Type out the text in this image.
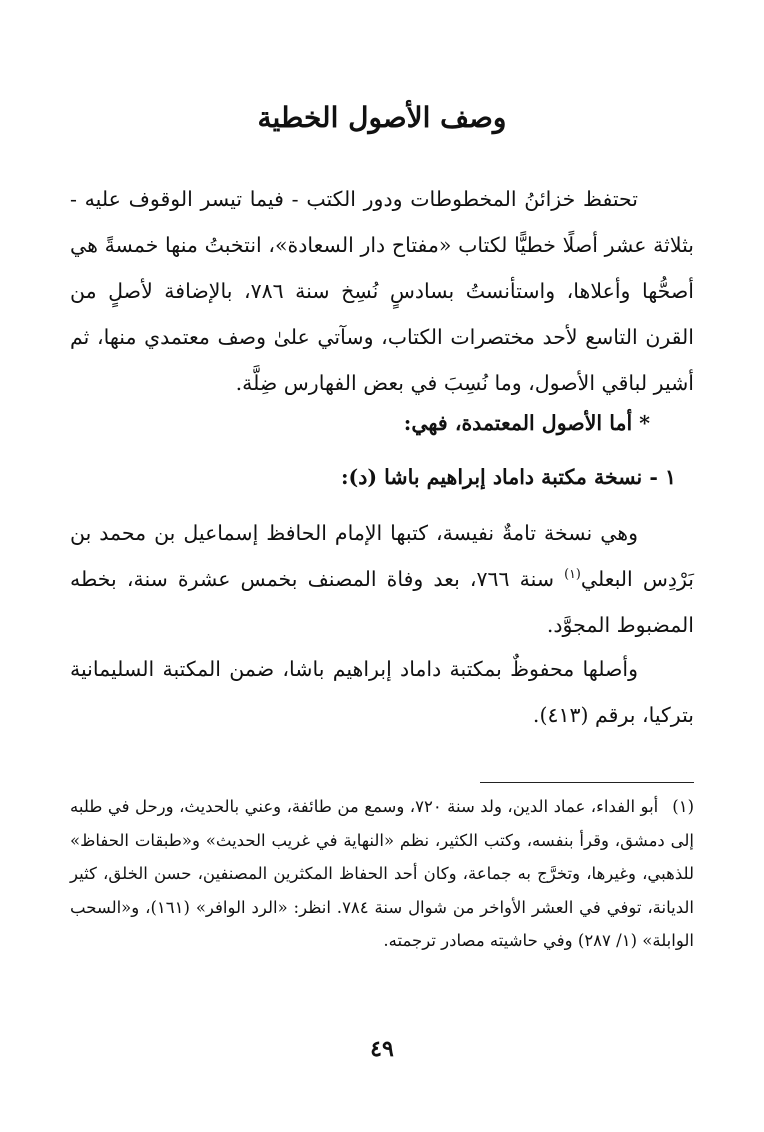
وصف الأصول الخطية

تحتفظ خزائنُ المخطوطات ودور الكتب - فيما تيسر الوقوف عليه - بثلاثة عشر أصلًا خطيًّا لكتاب «مفتاح دار السعادة»، انتخبتُ منها خمسةً هي أصحُّها وأعلاها، واستأنستُ بسادسٍ نُسِخ سنة ٧٨٦، بالإضافة لأصلٍ من القرن التاسع لأحد مختصرات الكتاب، وسآتي علىٰ وصف معتمدي منها، ثم أشير لباقي الأصول، وما نُسِبَ في بعض الفهارس ضِلَّة.

* أما الأصول المعتمدة، فهي:

١ - نسخة مكتبة داماد إبراهيم باشا (د):

وهي نسخة تامةٌ نفيسة، كتبها الإمام الحافظ إسماعيل بن محمد بن بَرْدِس البعلي$^{(١)}$ سنة ٧٦٦، بعد وفاة المصنف بخمس عشرة سنة، بخطه المضبوط المجوَّد.

وأصلها محفوظٌ بمكتبة داماد إبراهيم باشا، ضمن المكتبة السليمانية بتركيا، برقم (٤١٣).

(١)أبو الفداء، عماد الدين، ولد سنة ٧٢٠، وسمع من طائفة، وعني بالحديث، ورحل في طلبه إلى دمشق، وقرأ بنفسه، وكتب الكثير، نظم «النهاية في غريب الحديث» و«طبقات الحفاظ» للذهبي، وغيرها، وتخرَّج به جماعة، وكان أحد الحفاظ المكثرين المصنفين، حسن الخلق، كثير الديانة، توفي في العشر الأواخر من شوال سنة ٧٨٤. انظر: «الرد الوافر» (١٦١)، و«السحب الوابلة» (١/ ٢٨٧) وفي حاشيته مصادر ترجمته.

٤٩
